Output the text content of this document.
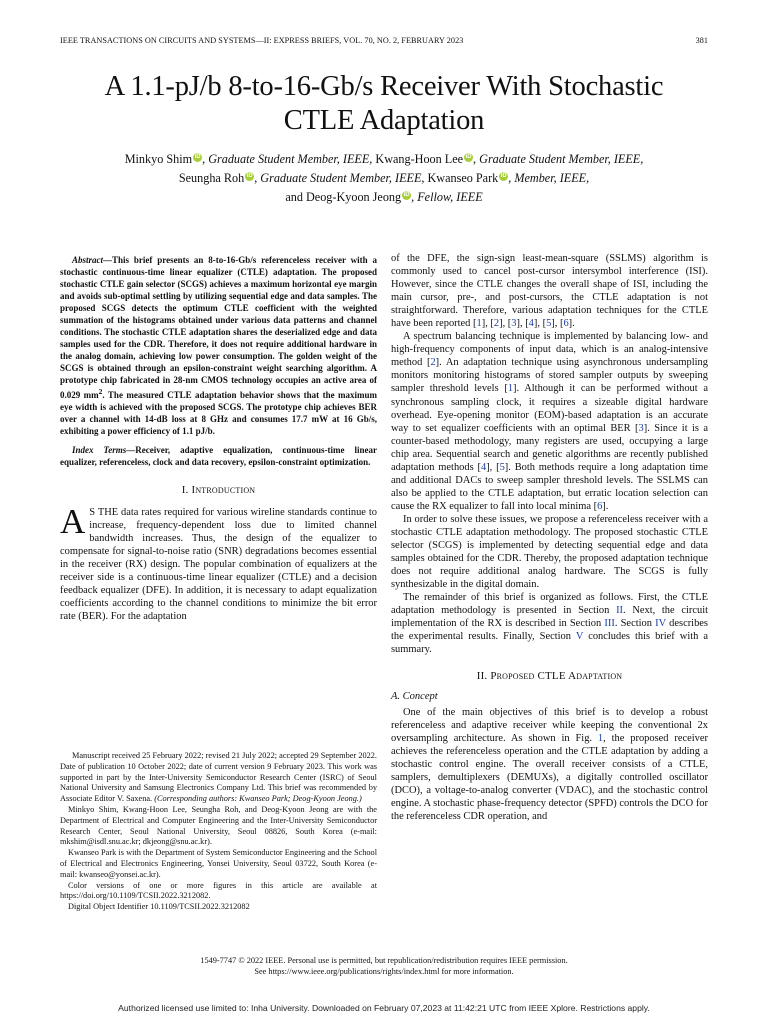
IEEE TRANSACTIONS ON CIRCUITS AND SYSTEMS—II: EXPRESS BRIEFS, VOL. 70, NO. 2, FEBRUARY 2023	381
A 1.1-pJ/b 8-to-16-Gb/s Receiver With Stochastic
CTLE Adaptation
Minkyo Shim iD , Graduate Student Member, IEEE, Kwang-Hoon Lee iD , Graduate Student Member, IEEE,
Seungha Roh iD , Graduate Student Member, IEEE, Kwanseo Park iD , Member, IEEE,
and Deog-Kyoon Jeong iD , Fellow, IEEE

Abstract—This brief presents an 8-to-16-Gb/s referenceless receiver with a stochastic continuous-time linear equalizer (CTLE) adaptation. The proposed stochastic CTLE gain selector (SCGS) achieves a maximum horizontal eye margin and avoids sub-optimal settling by utilizing sequential edge and data samples. The proposed SCGS detects the optimum CTLE coefficient with the weighted summation of the histograms obtained under various data patterns and channel conditions. The stochastic CTLE adaptation shares the deserialized edge and data samples used for the CDR. Therefore, it does not require additional hardware in the analog domain, achieving low power consumption. The golden weight of the SCGS is obtained through an epsilon-constraint weight searching algorithm. A prototype chip fabricated in 28-nm CMOS technology occupies an active area of 0.029 $mm^2$. The measured CTLE adaptation behavior shows that the maximum eye width is achieved with the proposed SCGS. The prototype chip achieves BER over a channel with 14-dB loss at 8 GHz and consumes 17.7 mW at 16 Gb/s, exhibiting a power efficiency of 1.1 pJ/b.

Index Terms—Receiver, adaptive equalization, continuous-time linear equalizer, referenceless, clock and data recovery, epsilon-constraint optimization.

I. Introduction

A S THE data rates required for various wireline standards continue to increase, frequency-dependent loss due to limited channel bandwidth increases. Thus, the design of the equalizer to compensate for signal-to-noise ratio (SNR) degradations becomes essential in the receiver (RX) design. The popular combination of equalizers at the receiver side is a continuous-time linear equalizer (CTLE) and a decision feedback equalizer (DFE). In addition, it is necessary to adapt equalization coefficients according to the channel conditions to minimize the bit error rate (BER). For the adaptation

Manuscript received 25 February 2022; revised 21 July 2022; accepted 29 September 2022. Date of publication 10 October 2022; date of current version 9 February 2023. This work was supported in part by the Inter-University Semiconductor Research Center (ISRC) of Seoul National University and Samsung Electronics Company Ltd. This brief was recommended by Associate Editor V. Saxena. (Corresponding authors: Kwanseo Park; Deog-Kyoon Jeong.)

Minkyo Shim, Kwang-Hoon Lee, Seungha Roh, and Deog-Kyoon Jeong are with the Department of Electrical and Computer Engineering and the Inter-University Semiconductor Research Center, Seoul National University, Seoul 08826, South Korea (e-mail: mkshim@isdl.snu.ac.kr; dkjeong@snu.ac.kr).

Kwanseo Park is with the Department of System Semiconductor Engineering and the School of Electrical and Electronics Engineering, Yonsei University, Seoul 03722, South Korea (e-mail: kwanseo@yonsei.ac.kr).

Color versions of one or more figures in this article are available at https://doi.org/10.1109/TCSII.2022.3212082.

Digital Object Identifier 10.1109/TCSII.2022.3212082

of the DFE, the sign-sign least-mean-square (SSLMS) algorithm is commonly used to cancel post-cursor intersymbol interference (ISI). However, since the CTLE changes the overall shape of ISI, including the main cursor, pre-, and post-cursors, the CTLE adaptation is not straightforward. Therefore, various adaptation techniques for the CTLE have been reported [1], [2], [3], [4], [5], [6].

A spectrum balancing technique is implemented by balancing low- and high-frequency components of input data, which is an analog-intensive method [2]. An adaptation technique using asynchronous undersampling monitors monitoring histograms of stored sampler outputs by sweeping sampler threshold levels [1]. Although it can be performed without a synchronous sampling clock, it requires a sizeable digital hardware overhead. Eye-opening monitor (EOM)-based adaptation is an accurate way to set equalizer coefficients with an optimal BER [3]. Since it is a counter-based methodology, many registers are used, occupying a large chip area. Sequential search and genetic algorithms are recently published adaptation methods [4], [5]. Both methods require a long adaptation time and additional DACs to sweep sampler threshold levels. The SSLMS can also be applied to the CTLE adaptation, but erratic location selection can cause the RX equalizer to fall into local minima [6].

In order to solve these issues, we propose a referenceless receiver with a stochastic CTLE adaptation methodology. The proposed stochastic CTLE selector (SCGS) is implemented by detecting sequential edge and data samples obtained for the CDR. Thereby, the proposed adaptation technique does not require additional analog hardware. The SCGS is fully synthesizable in the digital domain.

The remainder of this brief is organized as follows. First, the CTLE adaptation methodology is presented in Section II. Next, the circuit implementation of the RX is described in Section III. Section IV describes the experimental results. Finally, Section V concludes this brief with a summary.

II. Proposed CTLE Adaptation
A. Concept

One of the main objectives of this brief is to develop a robust referenceless and adaptive receiver while keeping the conventional 2x oversampling architecture. As shown in Fig. 1, the proposed receiver achieves the referenceless operation and the CTLE adaptation by adding a stochastic control engine. The overall receiver consists of a CTLE, samplers, demultiplexers (DEMUXs), a digitally controlled oscillator (DCO), a voltage-to-analog converter (VDAC), and the stochastic control engine. A stochastic phase-frequency detector (SPFD) controls the DCO for the referenceless CDR operation, and

1549-7747 © 2022 IEEE. Personal use is permitted, but republication/redistribution requires IEEE permission.
See https://www.ieee.org/publications/rights/index.html for more information.
Authorized licensed use limited to: Inha University. Downloaded on February 07,2023 at 11:42:21 UTC from IEEE Xplore. Restrictions apply.
